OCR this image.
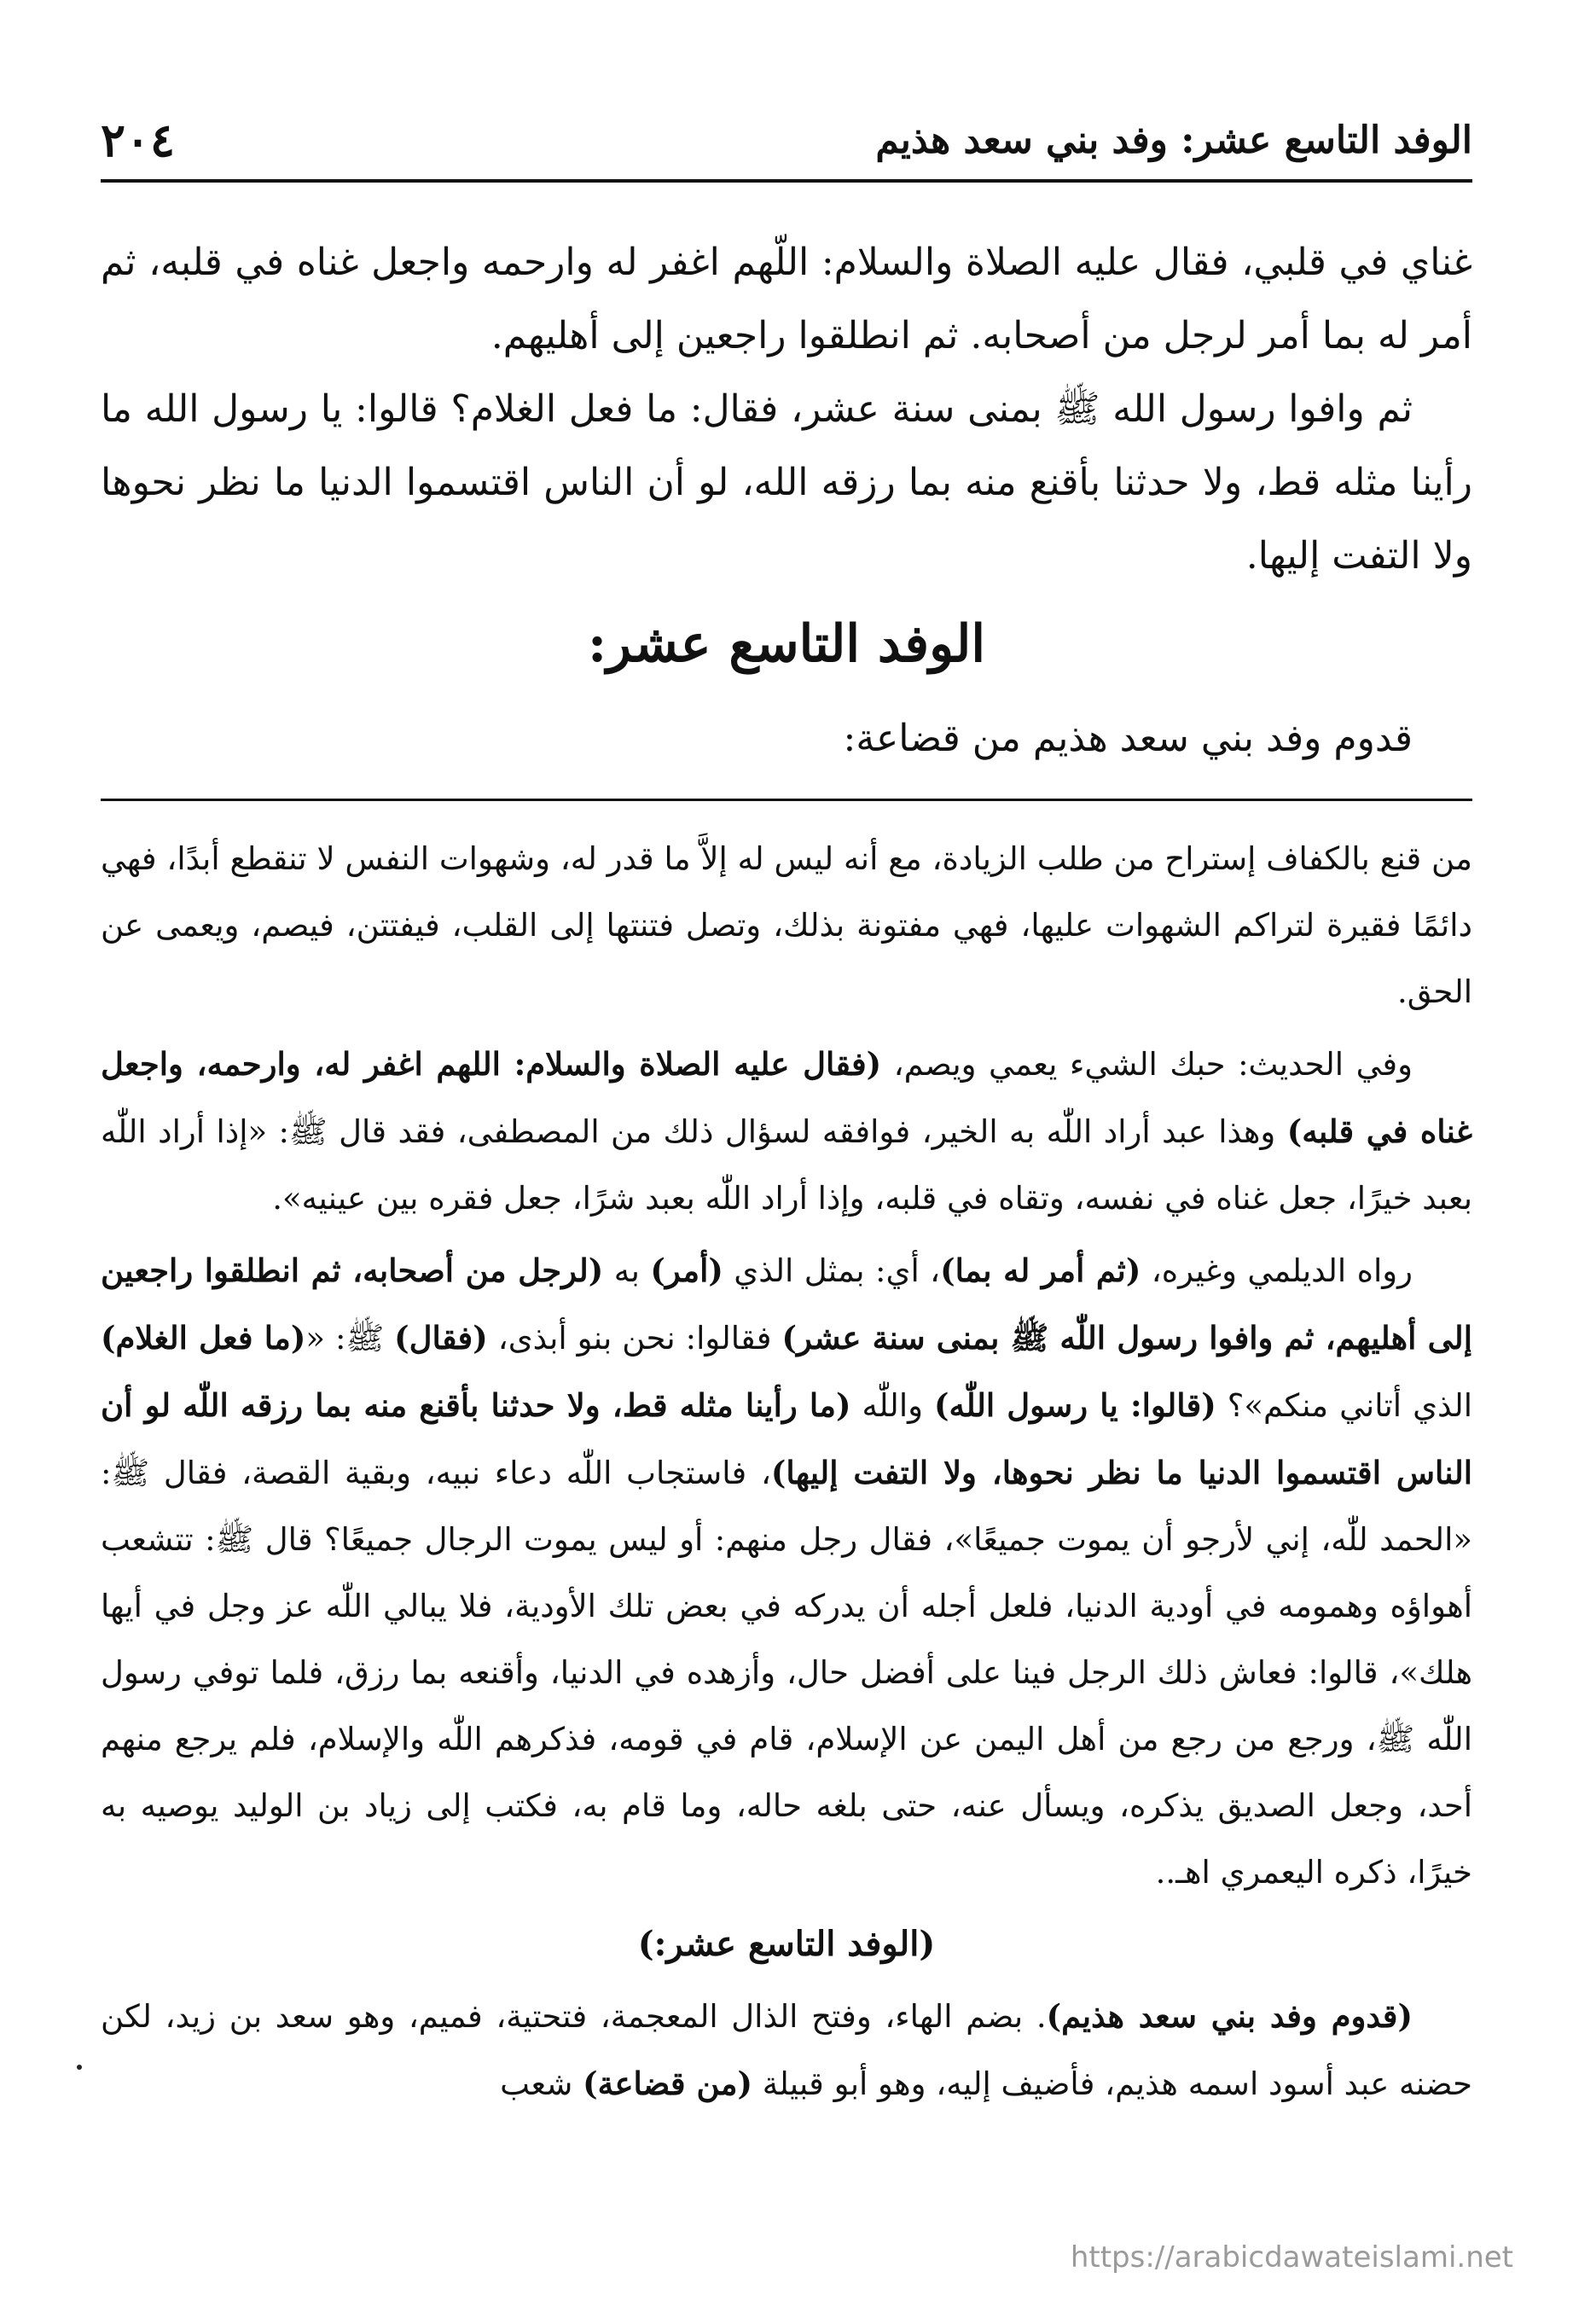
الوفد التاسع عشر: وفد بني سعد هذيم
٢٠٤

غناي في قلبي، فقال عليه الصلاة والسلام: اللّهم اغفر له وارحمه واجعل غناه في قلبه، ثم أمر له بما أمر لرجل من أصحابه. ثم انطلقوا راجعين إلى أهليهم.

ثم وافوا رسول الله ﷺ بمنى سنة عشر، فقال: ما فعل الغلام؟ قالوا: يا رسول الله ما رأينا مثله قط، ولا حدثنا بأقنع منه بما رزقه الله، لو أن الناس اقتسموا الدنيا ما نظر نحوها ولا التفت إليها.

الوفد التاسع عشر:
قدوم وفد بني سعد هذيم من قضاعة:

من قنع بالكفاف إستراح من طلب الزيادة، مع أنه ليس له إلاَّ ما قدر له، وشهوات النفس لا تنقطع أبدًا، فهي دائمًا فقيرة لتراكم الشهوات عليها، فهي مفتونة بذلك، وتصل فتنتها إلى القلب، فيفتتن، فيصم، ويعمى عن الحق.

وفي الحديث: حبك الشيء يعمي ويصم، (فقال عليه الصلاة والسلام: اللهم اغفر له، وارحمه، واجعل غناه في قلبه) وهذا عبد أراد اللّٰه به الخير، فوافقه لسؤال ذلك من المصطفى، فقد قال ﷺ: «إذا أراد اللّٰه بعبد خيرًا، جعل غناه في نفسه، وتقاه في قلبه، وإذا أراد اللّٰه بعبد شرًا، جعل فقره بين عينيه».

رواه الديلمي وغيره، (ثم أمر له بما)، أي: بمثل الذي (أمر) به (لرجل من أصحابه، ثم انطلقوا راجعين إلى أهليهم، ثم وافوا رسول اللّٰه ﷺ بمنى سنة عشر) فقالوا: نحن بنو أبذى، (فقال) ﷺ: «(ما فعل الغلام) الذي أتاني منكم»؟ (قالوا: يا رسول اللّٰه) واللّٰه (ما رأينا مثله قط، ولا حدثنا بأقنع منه بما رزقه اللّٰه لو أن الناس اقتسموا الدنيا ما نظر نحوها، ولا التفت إليها)، فاستجاب اللّٰه دعاء نبيه، وبقية القصة، فقال ﷺ: «الحمد للّٰه، إني لأرجو أن يموت جميعًا»، فقال رجل منهم: أو ليس يموت الرجال جميعًا؟ قال ﷺ: تتشعب أهواؤه وهمومه في أودية الدنيا، فلعل أجله أن يدركه في بعض تلك الأودية، فلا يبالي اللّٰه عز وجل في أيها هلك»، قالوا: فعاش ذلك الرجل فينا على أفضل حال، وأزهده في الدنيا، وأقنعه بما رزق، فلما توفي رسول اللّٰه ﷺ، ورجع من رجع من أهل اليمن عن الإسلام، قام في قومه، فذكرهم اللّٰه والإسلام، فلم يرجع منهم أحد، وجعل الصديق يذكره، ويسأل عنه، حتى بلغه حاله، وما قام به، فكتب إلى زياد بن الوليد يوصيه به خيرًا، ذكره اليعمري اهـ..

(الوفد التاسع عشر:)

(قدوم وفد بني سعد هذيم). بضم الهاء، وفتح الذال المعجمة، فتحتية، فميم، وهو سعد بن زيد، لكن حضنه عبد أسود اسمه هذيم، فأضيف إليه، وهو أبو قبيلة (من قضاعة) شعب

https://arabicdawateislami.net
